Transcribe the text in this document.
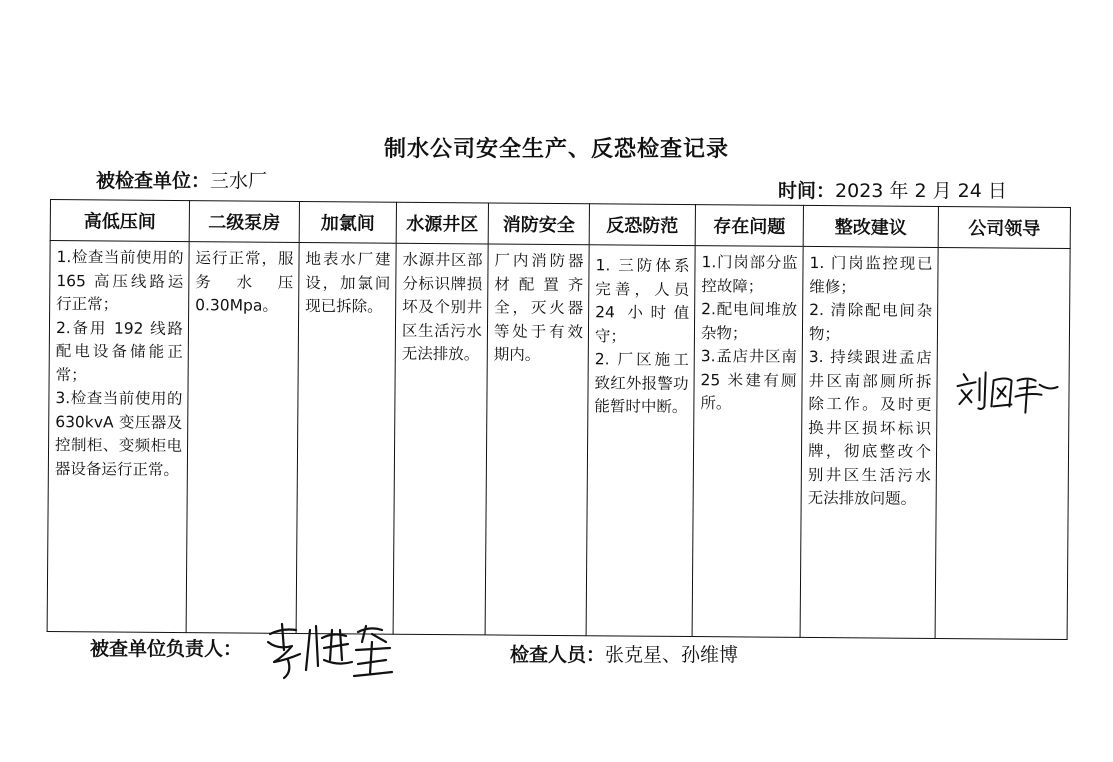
制水公司安全生产、反恐检查记录
被检查单位：三水厂	时间：2023 年 2 月 24 日
高低压间	二级泵房	加氯间	水源井区	消防安全	反恐防范	存在问题	整改建议	公司领导

1.检查当前使用的 165 高压线路运行正常；
2.备用 192 线路配电设备储能正常；
3.检查当前使用的 630kvA 变压器及控制柜、变频柜电器设备运行正常。	运行正常，服务水压 0.30Mpa。	地表水厂建设，加氯间现已拆除。	水源井区部分标识牌损坏及个别井区生活污水无法排放。	厂内消防器材配置齐全，灭火器等处于有效期内。	1. 三防体系完善，人员 24 小时值守；
2. 厂区施工致红外报警功能暂时中断。	1.门岗部分监控故障；
2.配电间堆放杂物；
3.孟店井区南 25 米建有厕所。	1. 门岗监控现已维修；
2. 清除配电间杂物；
3. 持续跟进孟店井区南部厕所拆除工作。及时更换井区损坏标识牌，彻底整改个别井区生活污水无法排放问题。

被查单位负责人：	检查人员：张克星、孙维博
